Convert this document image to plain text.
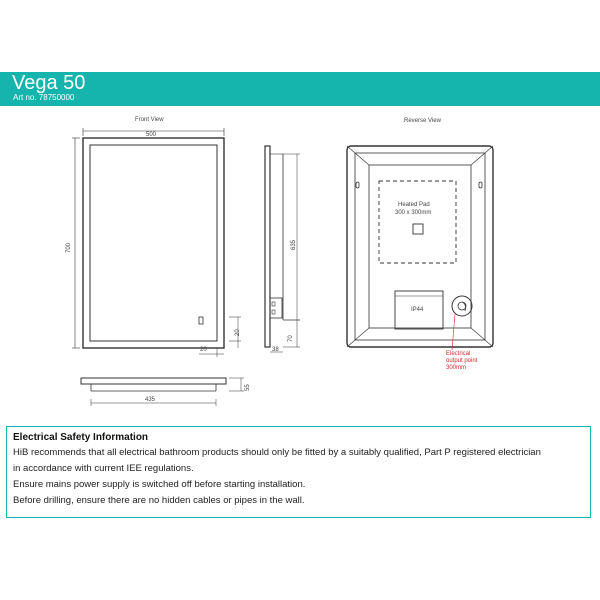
Vega 50
Art no. 78750000
Front View
500
700
20
20
635
70
38
435
55
Reverse View
Heated Pad
300 x 300mm
IP44
Electrical
output point
300mm
Electrical Safety Information
HiB recommends that all electrical bathroom products should only be fitted by a suitably qualified, Part P registered electrician
in accordance with current IEE regulations.
Ensure mains power supply is switched off before starting installation.
Before drilling, ensure there are no hidden cables or pipes in the wall.
